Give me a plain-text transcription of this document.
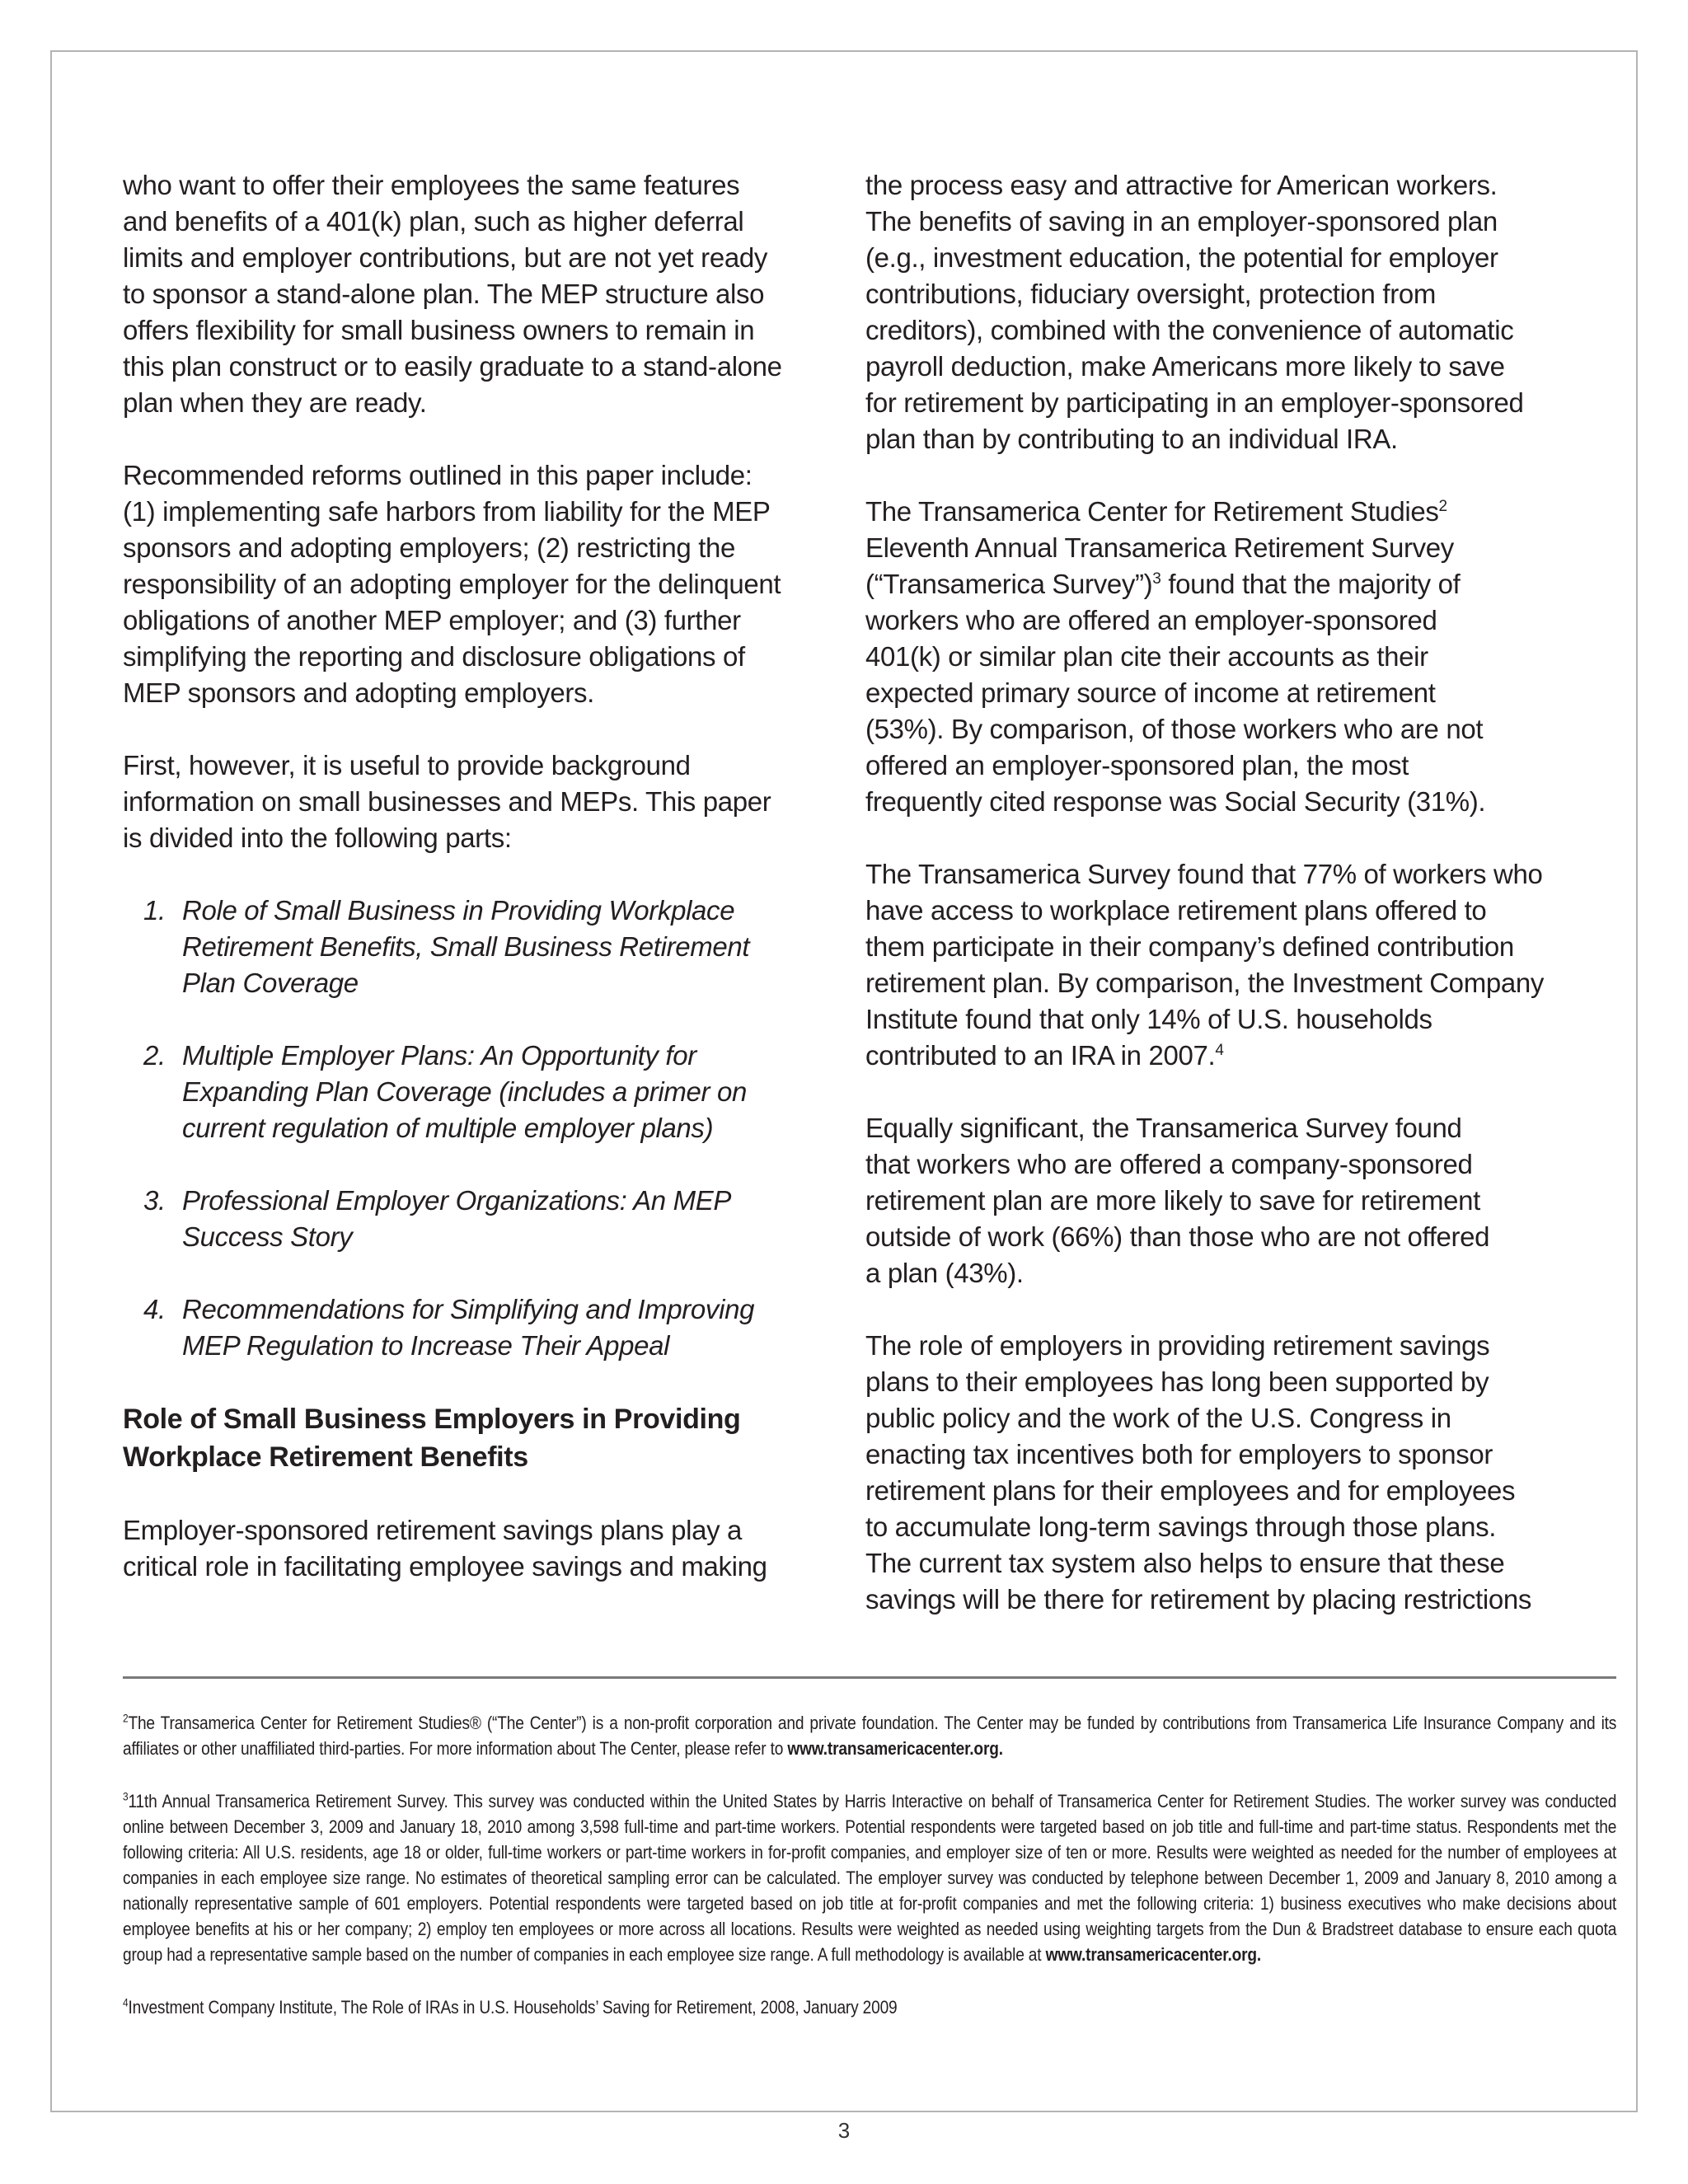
who want to offer their employees the same features
and benefits of a 401(k) plan, such as higher deferral
limits and employer contributions, but are not yet ready
to sponsor a stand-alone plan. The MEP structure also
offers flexibility for small business owners to remain in
this plan construct or to easily graduate to a stand-alone
plan when they are ready.
Recommended reforms outlined in this paper include:
(1) implementing safe harbors from liability for the MEP
sponsors and adopting employers; (2) restricting the
responsibility of an adopting employer for the delinquent
obligations of another MEP employer; and (3) further
simplifying the reporting and disclosure obligations of
MEP sponsors and adopting employers.
First, however, it is useful to provide background
information on small businesses and MEPs. This paper
is divided into the following parts:
1. Role of Small Business in Providing Workplace
Retirement Benefits, Small Business Retirement
Plan Coverage
2. Multiple Employer Plans: An Opportunity for
Expanding Plan Coverage (includes a primer on
current regulation of multiple employer plans)
3. Professional Employer Organizations: An MEP
Success Story
4. Recommendations for Simplifying and Improving
MEP Regulation to Increase Their Appeal
Role of Small Business Employers in Providing
Workplace Retirement Benefits
Employer-sponsored retirement savings plans play a
critical role in facilitating employee savings and making
the process easy and attractive for American workers.
The benefits of saving in an employer-sponsored plan
(e.g., investment education, the potential for employer
contributions, fiduciary oversight, protection from
creditors), combined with the convenience of automatic
payroll deduction, make Americans more likely to save
for retirement by participating in an employer-sponsored
plan than by contributing to an individual IRA.
The Transamerica Center for Retirement Studies$^2$
Eleventh Annual Transamerica Retirement Survey
(“Transamerica Survey”)$^3$ found that the majority of
workers who are offered an employer-sponsored
401(k) or similar plan cite their accounts as their
expected primary source of income at retirement
(53%). By comparison, of those workers who are not
offered an employer-sponsored plan, the most
frequently cited response was Social Security (31%).
The Transamerica Survey found that 77% of workers who
have access to workplace retirement plans offered to
them participate in their company’s defined contribution
retirement plan. By comparison, the Investment Company
Institute found that only 14% of U.S. households
contributed to an IRA in 2007.$^4$
Equally significant, the Transamerica Survey found
that workers who are offered a company-sponsored
retirement plan are more likely to save for retirement
outside of work (66%) than those who are not offered
a plan (43%).
The role of employers in providing retirement savings
plans to their employees has long been supported by
public policy and the work of the U.S. Congress in
enacting tax incentives both for employers to sponsor
retirement plans for their employees and for employees
to accumulate long-term savings through those plans.
The current tax system also helps to ensure that these
savings will be there for retirement by placing restrictions
$^2$The Transamerica Center for Retirement Studies® (“The Center”) is a non-profit corporation and private foundation. The Center may be funded by contributions from Transamerica Life Insurance Company and its affiliates or other unaffiliated third-parties. For more information about The Center, please refer to www.transamericacenter.org.
$^3$11th Annual Transamerica Retirement Survey. This survey was conducted within the United States by Harris Interactive on behalf of Transamerica Center for Retirement Studies. The worker survey was conducted online between December 3, 2009 and January 18, 2010 among 3,598 full-time and part-time workers. Potential respondents were targeted based on job title and full-time and part-time status. Respondents met the following criteria: All U.S. residents, age 18 or older, full-time workers or part-time workers in for-profit companies, and employer size of ten or more. Results were weighted as needed for the number of employees at companies in each employee size range. No estimates of theoretical sampling error can be calculated. The employer survey was conducted by telephone between December 1, 2009 and January 8, 2010 among a nationally representative sample of 601 employers. Potential respondents were targeted based on job title at for-profit companies and met the following criteria: 1) business executives who make decisions about employee benefits at his or her company; 2) employ ten employees or more across all locations. Results were weighted as needed using weighting targets from the Dun & Bradstreet database to ensure each quota group had a representative sample based on the number of companies in each employee size range. A full methodology is available at www.transamericacenter.org.
$^4$Investment Company Institute, The Role of IRAs in U.S. Households’ Saving for Retirement, 2008, January 2009
3
